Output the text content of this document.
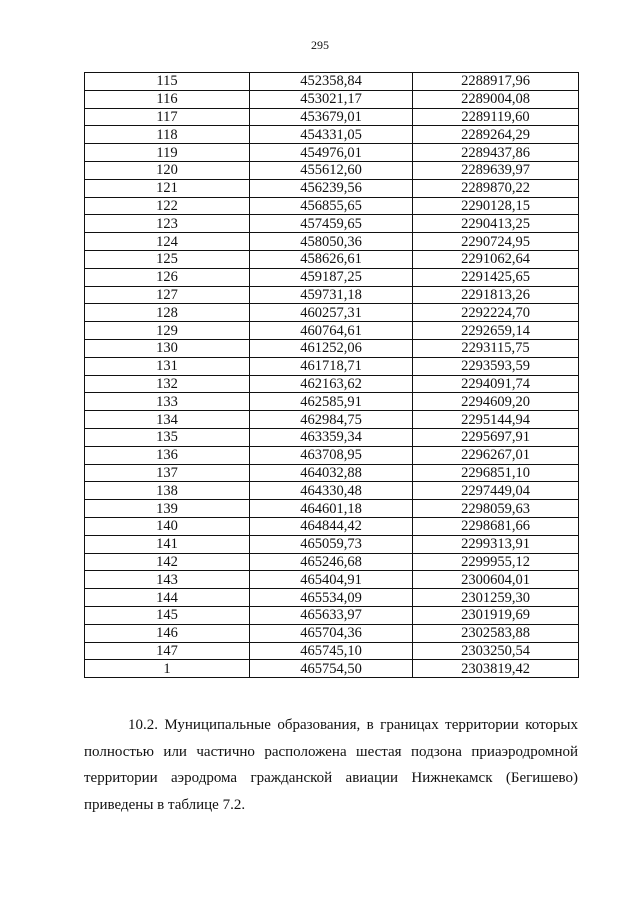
295
115	452358,84	2288917,96
116	453021,17	2289004,08
117	453679,01	2289119,60
118	454331,05	2289264,29
119	454976,01	2289437,86
120	455612,60	2289639,97
121	456239,56	2289870,22
122	456855,65	2290128,15
123	457459,65	2290413,25
124	458050,36	2290724,95
125	458626,61	2291062,64
126	459187,25	2291425,65
127	459731,18	2291813,26
128	460257,31	2292224,70
129	460764,61	2292659,14
130	461252,06	2293115,75
131	461718,71	2293593,59
132	462163,62	2294091,74
133	462585,91	2294609,20
134	462984,75	2295144,94
135	463359,34	2295697,91
136	463708,95	2296267,01
137	464032,88	2296851,10
138	464330,48	2297449,04
139	464601,18	2298059,63
140	464844,42	2298681,66
141	465059,73	2299313,91
142	465246,68	2299955,12
143	465404,91	2300604,01
144	465534,09	2301259,30
145	465633,97	2301919,69
146	465704,36	2302583,88
147	465745,10	2303250,54
1	465754,50	2303819,42

10.2. Муниципальные образования, в границах территории которых полностью или частично расположена шестая подзона приаэродромной территории аэродрома гражданской авиации Нижнекамск (Бегишево) приведены в таблице 7.2.
